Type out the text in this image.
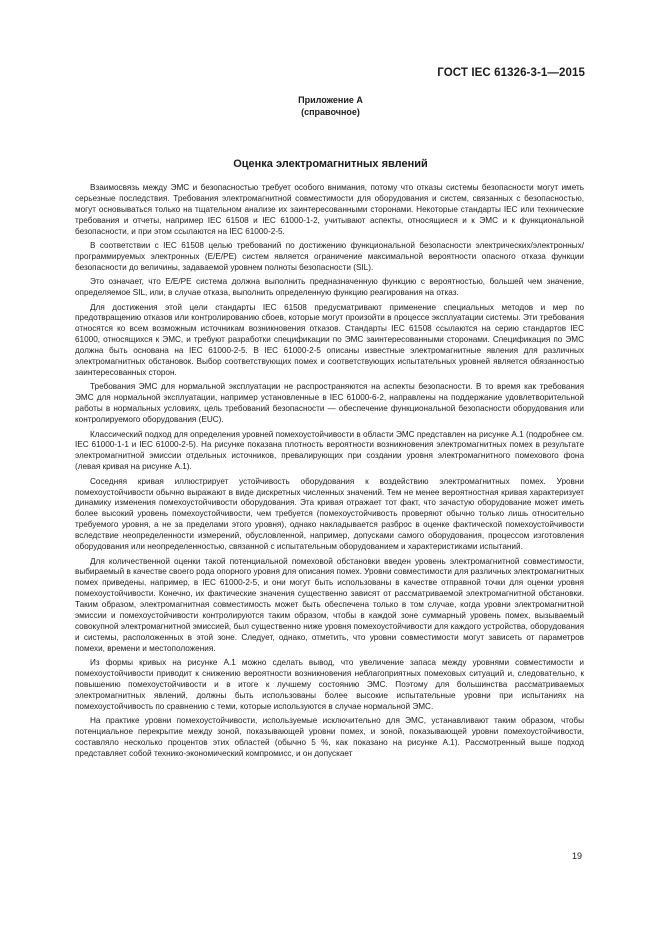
ГОСТ IEC 61326-3-1—2015
Приложение А
(справочное)
Оценка электромагнитных явлений

Взаимосвязь между ЭМС и безопасностью требует особого внимания, потому что отказы системы безопасности могут иметь серьезные последствия. Требования электромагнитной совместимости для оборудования и систем, связанных с безопасностью, могут основываться только на тщательном анализе их заинтересованными сторонами. Некоторые стандарты IEC или технические требования и отчеты, например IEC 61508 и IEC 61000-1-2, учитывают аспекты, относящиеся и к ЭМС и к функциональной безопасности, и при этом ссылаются на IEC 61000-2-5.

В соответствии с IEC 61508 целью требований по достижению функциональной безопасности электрических/электронных/программируемых электронных (E/E/PE) систем является ограничение максимальной вероятности опасного отказа функции безопасности до величины, задаваемой уровнем полноты безопасности (SIL).

Это означает, что E/E/PE система должна выполнить предназначенную функцию с вероятностью, большей чем значение, определяемое SIL, или, в случае отказа, выполнить определенную функцию реагирования на отказ.

Для достижения этой цели стандарты IEC 61508 предусматривают применение специальных методов и мер по предотвращению отказов или контролированию сбоев, которые могут произойти в процессе эксплуатации системы. Эти требования относятся ко всем возможным источникам возникновения отказов. Стандарты IEC 61508 ссылаются на серию стандартов IEC 61000, относящихся к ЭМС, и требуют разработки спецификации по ЭМС заинтересованными сторонами. Спецификация по ЭМС должна быть основана на IEC 61000-2-5. В IEC 61000-2-5 описаны известные электромагнитные явления для различных электромагнитных обстановок. Выбор соответствующих помех и соответствующих испытательных уровней является обязанностью заинтересованных сторон.

Требования ЭМС для нормальной эксплуатации не распространяются на аспекты безопасности. В то время как требования ЭМС для нормальной эксплуатации, например установленные в IEC 61000-6-2, направлены на поддержание удовлетворительной работы в нормальных условиях, цель требований безопасности — обеспечение функциональной безопасности оборудования или контролируемого оборудования (EUC).

Классический подход для определения уровней помехоустойчивости в области ЭМС представлен на рисунке А.1 (подробнее см. IEC 61000-1-1 и IEC 61000-2-5). На рисунке показана плотность вероятности возникновения электромагнитных помех в результате электромагнитной эмиссии отдельных источников, превалирующих при создании уровня электромагнитного помехового фона (левая кривая на рисунке А.1).

Соседняя кривая иллюстрирует устойчивость оборудования к воздействию электромагнитных помех. Уровни помехоустойчивости обычно выражают в виде дискретных численных значений. Тем не менее вероятностная кривая характеризует динамику изменения помехоустойчивости оборудования. Эта кривая отражает тот факт, что зачастую оборудование может иметь более высокий уровень помехоустойчивости, чем требуется (помехоустойчивость проверяют обычно только лишь относительно требуемого уровня, а не за пределами этого уровня), однако накладывается разброс в оценке фактической помехоустойчивости вследствие неопределенности измерений, обусловленной, например, допусками самого оборудования, процессом изготовления оборудования или неопределенностью, связанной с испытательным оборудованием и характеристиками испытаний.

Для количественной оценки такой потенциальной помеховой обстановки введен уровень электромагнитной совместимости, выбираемый в качестве своего рода опорного уровня для описания помех. Уровни совместимости для различных электромагнитных помех приведены, например, в IEC 61000-2-5, и они могут быть использованы в качестве отправной точки для оценки уровня помехоустойчивости. Конечно, их фактические значения существенно зависят от рассматриваемой электромагнитной обстановки. Таким образом, электромагнитная совместимость может быть обеспечена только в том случае, когда уровни электромагнитной эмиссии и помехоустойчивости контролируются таким образом, чтобы в каждой зоне суммарный уровень помех, вызываемый совокупной электромагнитной эмиссией, был существенно ниже уровня помехоустойчивости для каждого устройства, оборудования и системы, расположенных в этой зоне. Следует, однако, отметить, что уровни совместимости могут зависеть от параметров помехи, времени и местоположения.

Из формы кривых на рисунке А.1 можно сделать вывод, что увеличение запаса между уровнями совместимости и помехоустойчивости приводит к снижению вероятности возникновения неблагоприятных помеховых ситуаций и, следовательно, к повышению помехоустойчивости и в итоге к лучшему состоянию ЭМС. Поэтому для большинства рассматриваемых электромагнитных явлений, должны быть использованы более высокие испытательные уровни при испытаниях на помехоустойчивость по сравнению с теми, которые используются в случае нормальной ЭМС.

На практике уровни помехоустойчивости, используемые исключительно для ЭМС, устанавливают таким образом, чтобы потенциальное перекрытие между зоной, показывающей уровни помех, и зоной, показывающей уровни помехоустойчивости, составляло несколько процентов этих областей (обычно 5 %, как показано на рисунке А.1). Рассмотренный выше подход представляет собой технико-экономический компромисс, и он допускает

19
